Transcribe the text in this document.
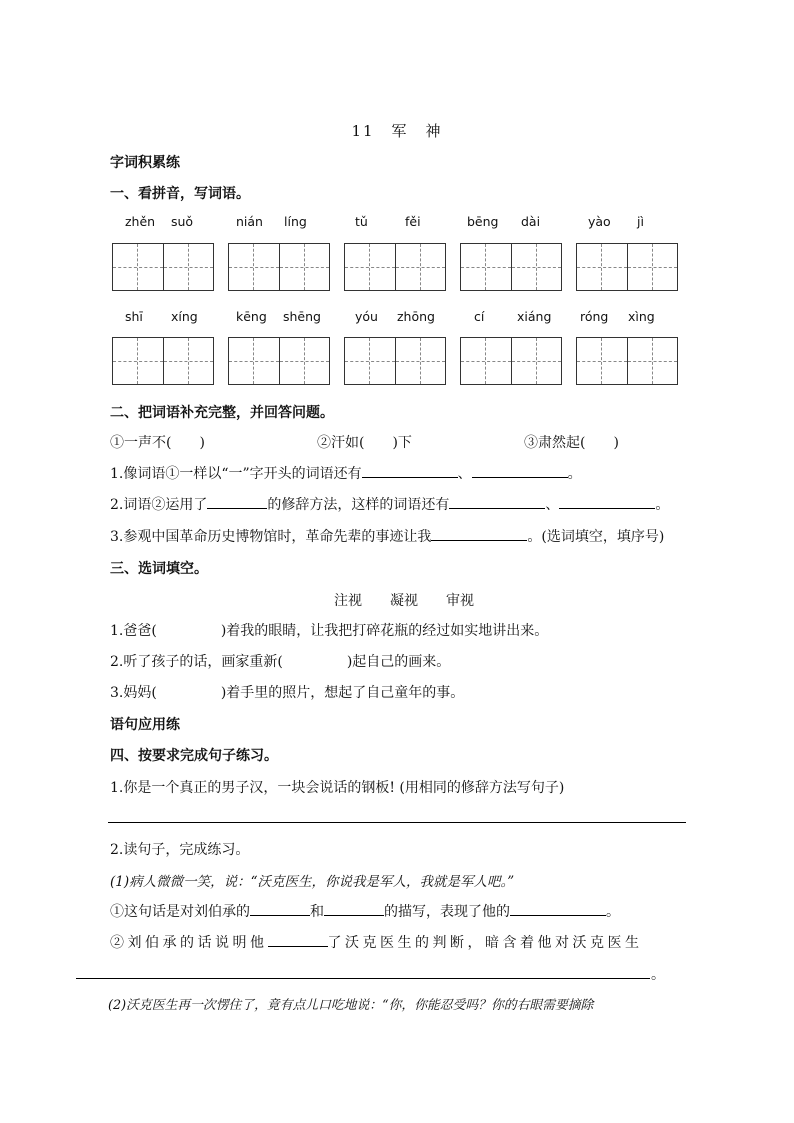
11　军　神
字词积累练
一、看拼音，写词语。
zhěn suǒ	nián líng	tǔ	fěi	bēng dài	yào jì
shī xíng	kēng shēng	yóu zhōng	cí	xiáng róng xìng
二、把词语补充完整，并回答问题。
①一声不(　　)	②汗如(　　)下	③肃然起(　　)
1.像词语①一样以“一”字开头的词语还有	、	。
2.词语②运用了	的修辞方法，这样的词语还有	、	。
3.参观中国革命历史博物馆时，革命先辈的事迹让我	。(选词填空，填序号)
三、选词填空。
注视　　凝视　　审视
1.爸爸(	)着我的眼睛，让我把打碎花瓶的经过如实地讲出来。
2.听了孩子的话，画家重新(	)起自己的画来。
3.妈妈(	)着手里的照片，想起了自己童年的事。
语句应用练
四、按要求完成句子练习。
1.你是一个真正的男子汉，一块会说话的钢板! (用相同的修辞方法写句子)
2.读句子，完成练习。
(1)病人微微一笑，说：“沃克医生，你说我是军人，我就是军人吧。”
①这句话是对刘伯承的	和	的描写，表现了他的	。
②刘伯承的话说明他	了沃克医生的判断，暗含着他对沃克医生
。
(2)沃克医生再一次愣住了，竟有点儿口吃地说：“你，你能忍受吗？你的右眼需要摘除
